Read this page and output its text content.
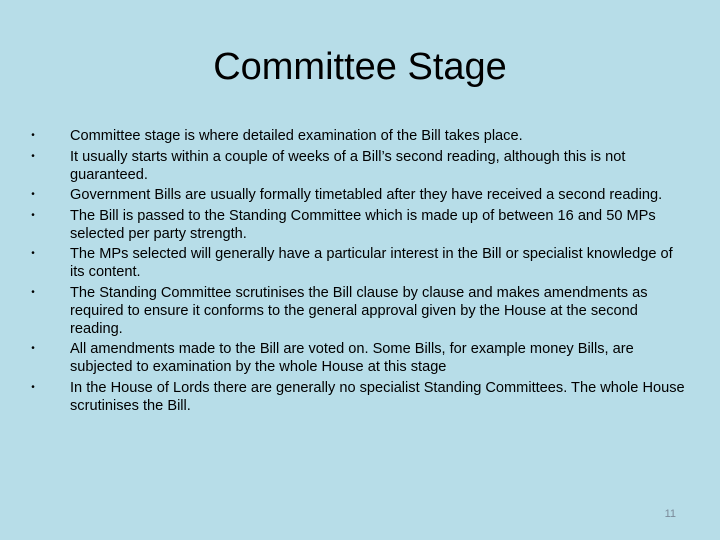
Committee Stage
• Committee stage is where detailed examination of the Bill takes place.
• It usually starts within a couple of weeks of a Bill’s second reading, although this is not guaranteed.
• Government Bills are usually formally timetabled after they have received a second reading.
• The Bill is passed to the Standing Committee which is made up of between 16 and 50 MPs selected per party strength.
• The MPs selected will generally have a particular interest in the Bill or specialist knowledge of its content.
• The Standing Committee scrutinises the Bill clause by clause and makes amendments as required to ensure it conforms to the general approval given by the House at the second reading.
• All amendments made to the Bill are voted on. Some Bills, for example money Bills, are subjected to examination by the whole House at this stage
• In the House of Lords there are generally no specialist Standing Committees. The whole House scrutinises the Bill.
11
